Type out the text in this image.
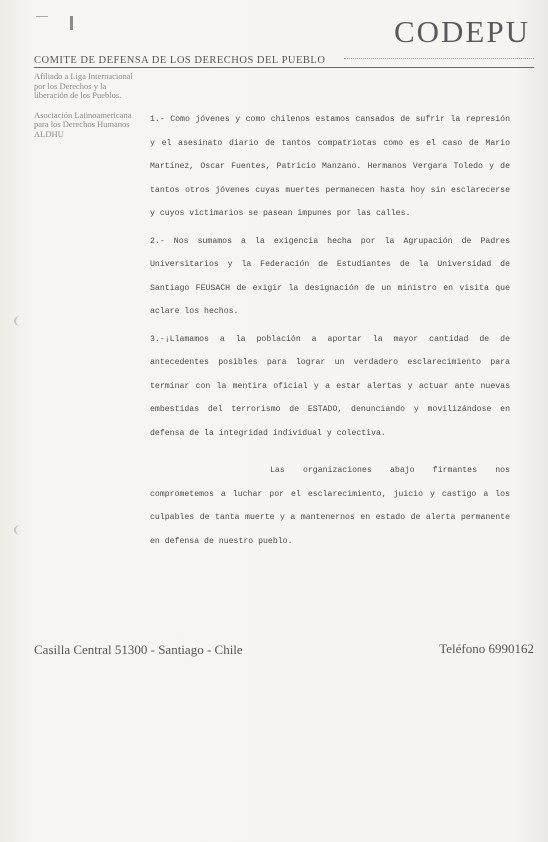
—	CODEPU
COMITE DE DEFENSA DE LOS DERECHOS DEL PUEBLO

Afiliado a Liga Internacional por los Derechos y la liberación de los Pueblos.

Asociación Latinoamericana para los Derechos Humanos ALDHU

1.- Como jóvenes y como chilenos estamos cansados de sufrir la represión y el asesinato diario de tantos compatriotas como es el caso de Mario Martínez, Oscar Fuentes, Patricio Manzano. Hermanos Vergara Toledo y de tantos otros jóvenes cuyas muertes permanecen hasta hoy sin esclarecerse y cuyos victimarios se pasean impunes por las calles.

2.- Nos sumamos a la exigencia hecha por la Agrupación de Padres Universitarios y la Federación de Estudiantes de la Universidad de Santiago FEUSACH de exigir la designación de un ministro en visita que aclare los hechos.

3.-¡Llamamos a la población a aportar la mayor cantidad de de antecedentes posibles para lograr un verdadero esclarecimiento para terminar con la mentira oficial y a estar alertas y actuar ante nuevas embestidas del terrorismo de ESTADO, denunciando y movilizándose en defensa de la integridad individual y colectiva.

Las organizaciones abajo firmantes nos comprometemos a luchar por el esclarecimiento, juicio y castigo a los culpables de tanta muerte y a mantenernos en estado de alerta permanente en defensa de nuestro pueblo.

Casilla Central 51300 - Santiago - Chile	Teléfono 6990162
